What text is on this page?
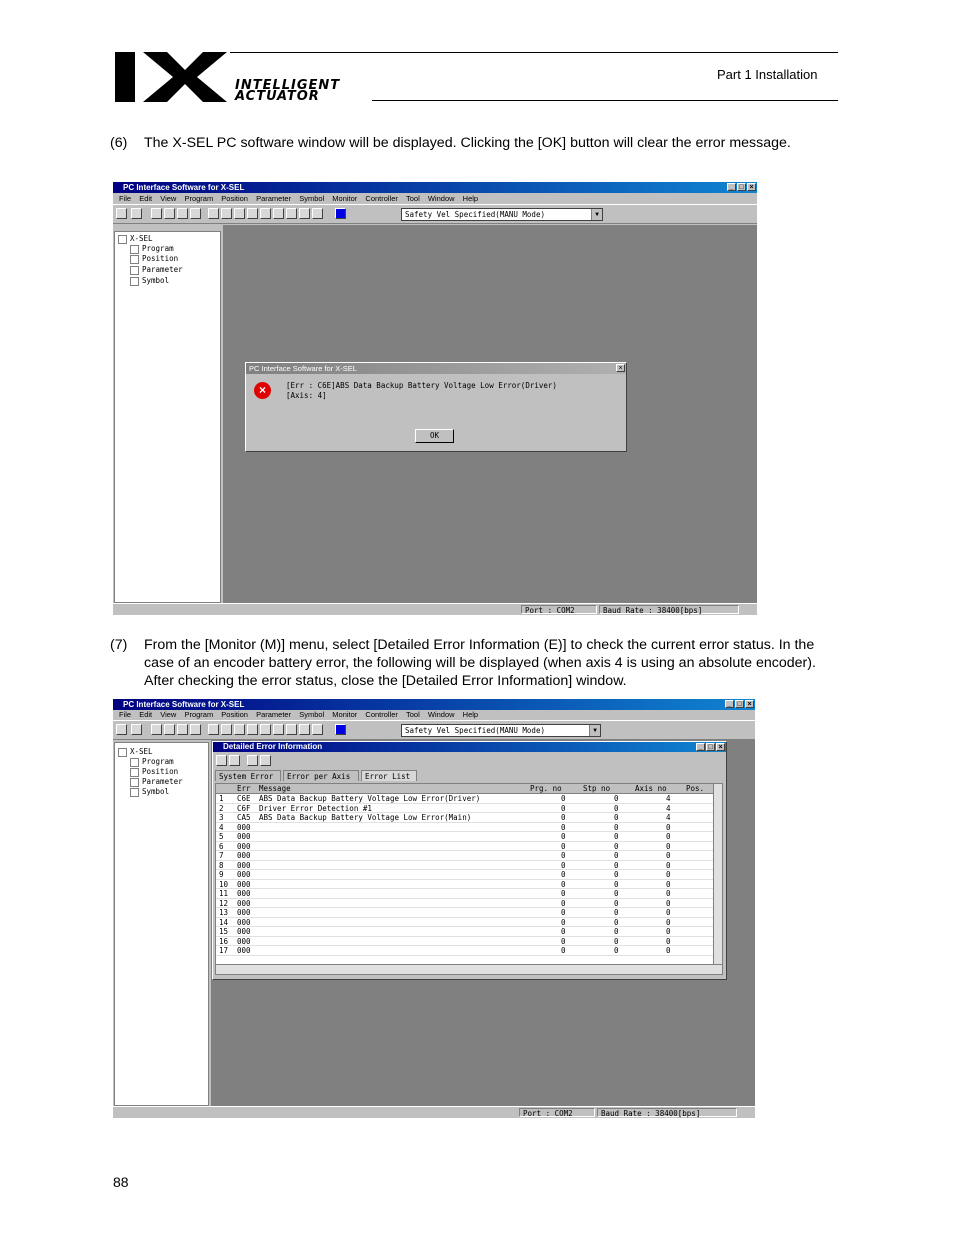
INTELLIGENT
ACTUATOR
Part 1 Installation
(6) The X-SEL PC software window will be displayed. Clicking the [OK] button will clear the error message.
PC Interface Software for X-SEL	_ □ ×
File Edit View Program Position Parameter Symbol Monitor Controller Tool Window Help
Safety Vel Specified(MANU Mode)	▼
X-SEL
Program
Position
Parameter
Symbol
PC Interface Software for X-SEL	×
×	[Err : C6E]ABS Data Backup Battery Voltage Low Error(Driver)
[Axis: 4]
OK
Port : COM2	Baud Rate : 38400[bps]
(7) From the [Monitor (M)] menu, select [Detailed Error Information (E)] to check the current error status. In the case of an encoder battery error, the following will be displayed (when axis 4 is using an absolute encoder). After checking the error status, close the [Detailed Error Information] window.
PC Interface Software for X-SEL	_ □ ×
File Edit View Program Position Parameter Symbol Monitor Controller Tool Window Help
Safety Vel Specified(MANU Mode)	▼
X-SEL
Program
Position
Parameter
Symbol
Detailed Error Information	_ □ ×
System Error	Error per Axis	Error List
Err Message	Prg. no	Stp no	Axis no	Pos.
1 C6E ABS Data Backup Battery Voltage Low Error(Driver)	0	0	4
2 C6F Driver Error Detection #1	0	0	4
3 CA5 ABS Data Backup Battery Voltage Low Error(Main)	0	0	4
4 000	0	0	0
5 000	0	0	0
6 000	0	0	0
7 000	0	0	0
8 000	0	0	0
9 000	0	0	0
10 000	0	0	0
11 000	0	0	0
12 000	0	0	0
13 000	0	0	0
14 000	0	0	0
15 000	0	0	0
16 000	0	0	0
17 000	0	0	0
Port : COM2	Baud Rate : 38400[bps]
88
